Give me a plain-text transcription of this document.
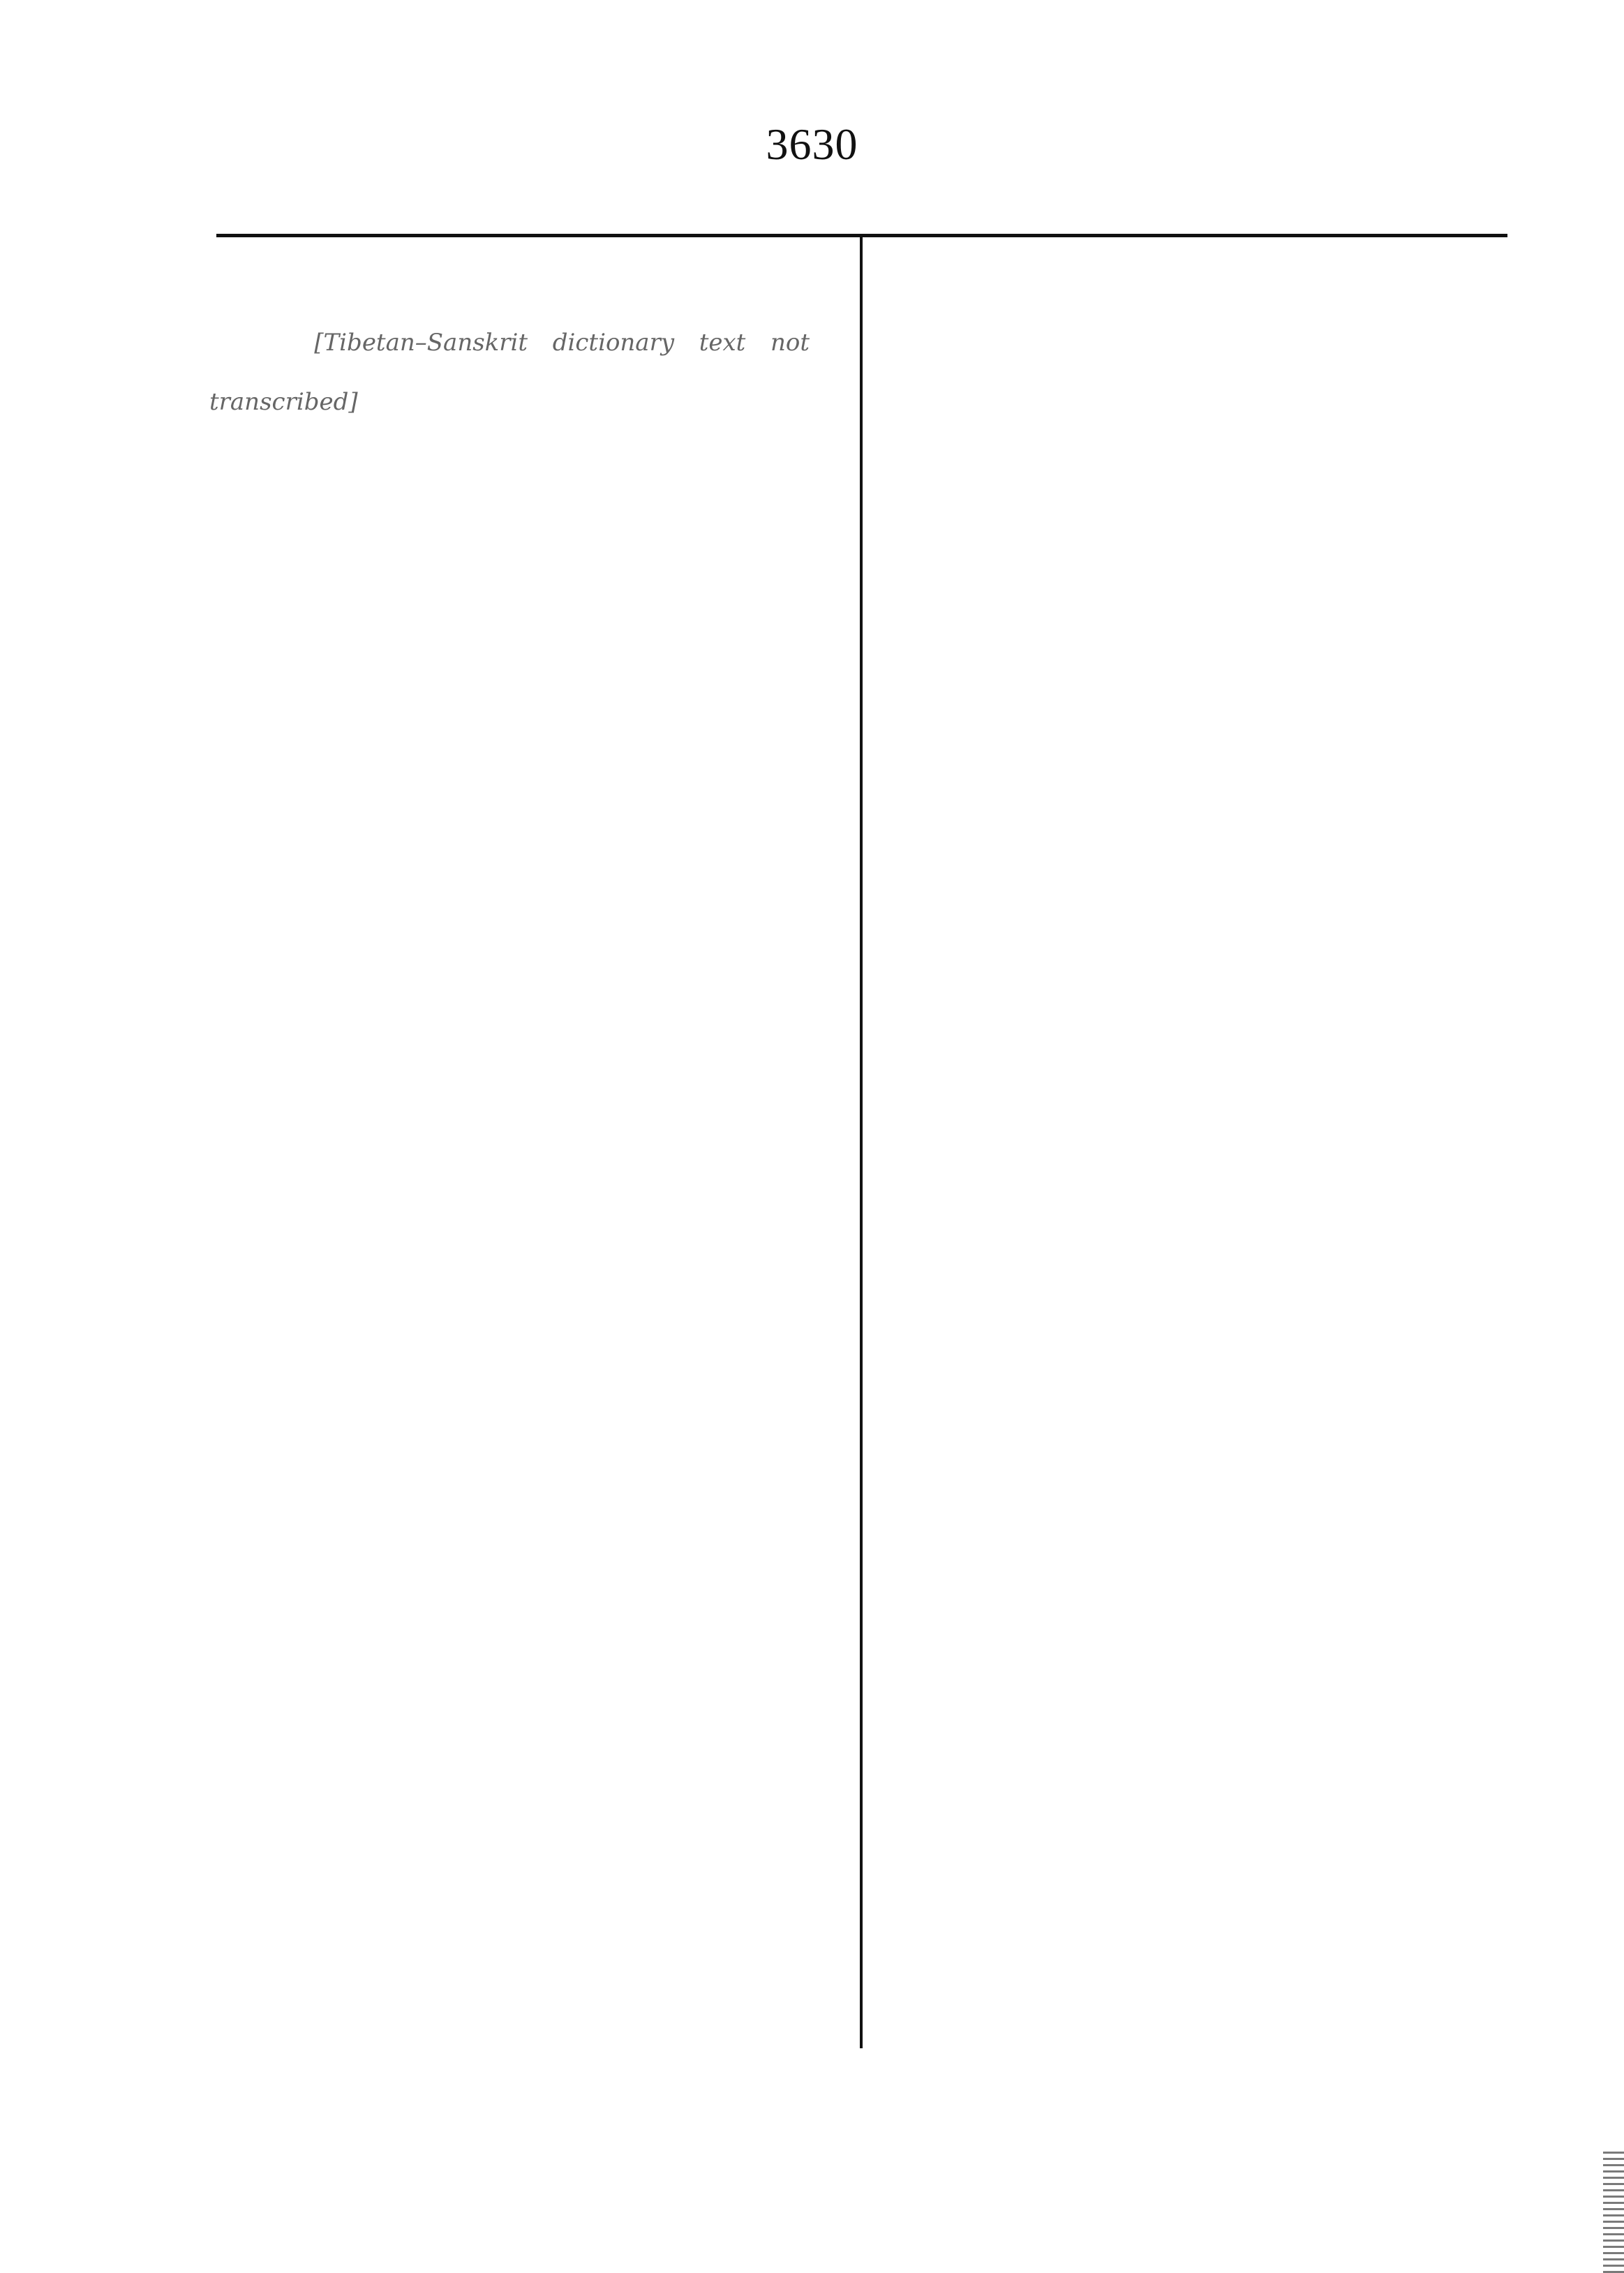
3630

[Tibetan–Sanskrit dictionary text not transcribed]
